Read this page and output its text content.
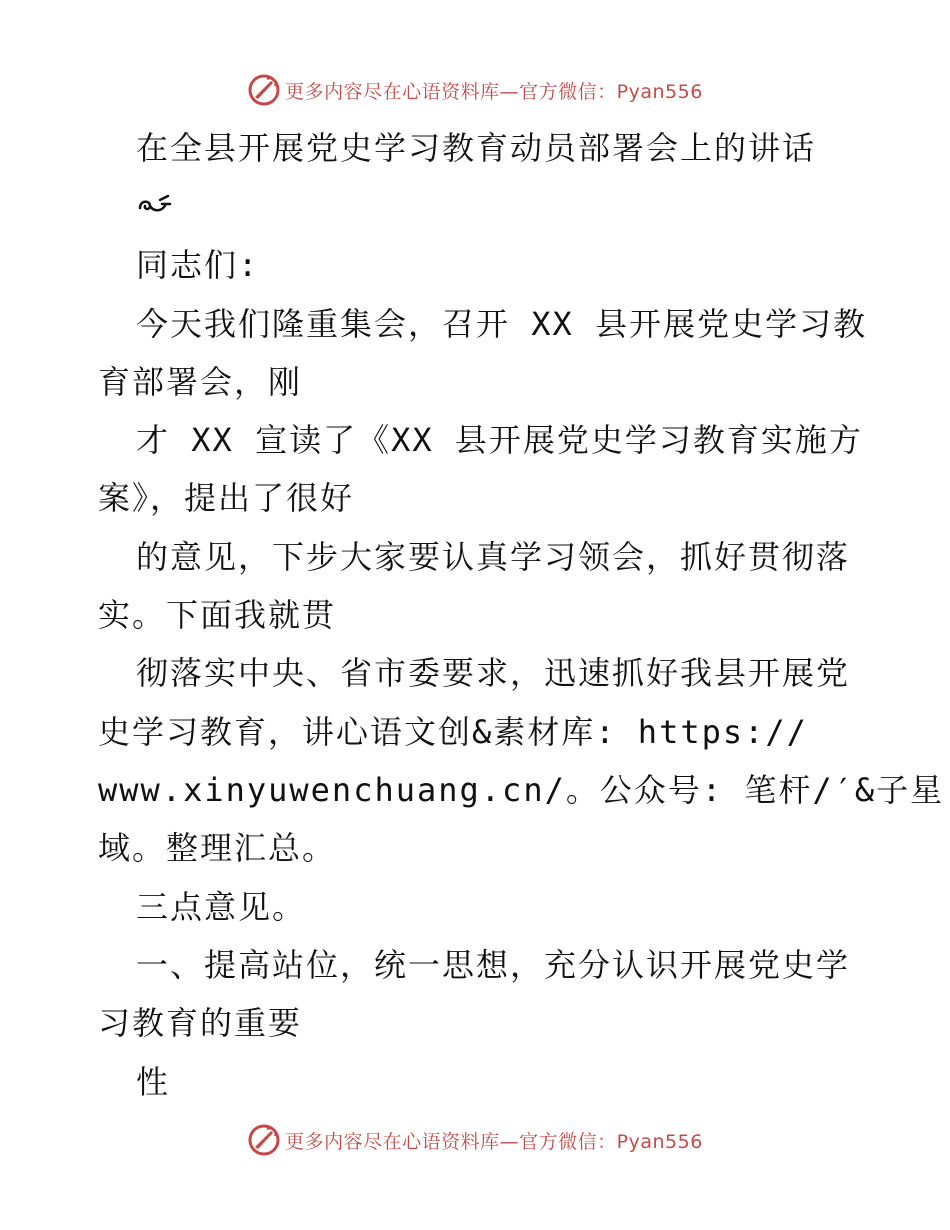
更多内容尽在心语资料库—官方微信：Pyan556
在全县开展党史学习教育动员部署会上的讲话
同志们:
今天我们隆重集会，召开 XX 县开展党史学习教
育部署会，刚
才 XX 宣读了《XX 县开展党史学习教育实施方
案》，提出了很好
的意见，下步大家要认真学习领会，抓好贯彻落
实。下面我就贯
彻落实中央、省市委要求，迅速抓好我县开展党
史学习教育，讲心语文创&素材库: https://
www.xinyuwenchuang.cn/。公众号: 笔杆/′&子星
域。整理汇总。
三点意见。
一、提高站位，统一思想，充分认识开展党史学
习教育的重要
性
更多内容尽在心语资料库—官方微信：Pyan556
